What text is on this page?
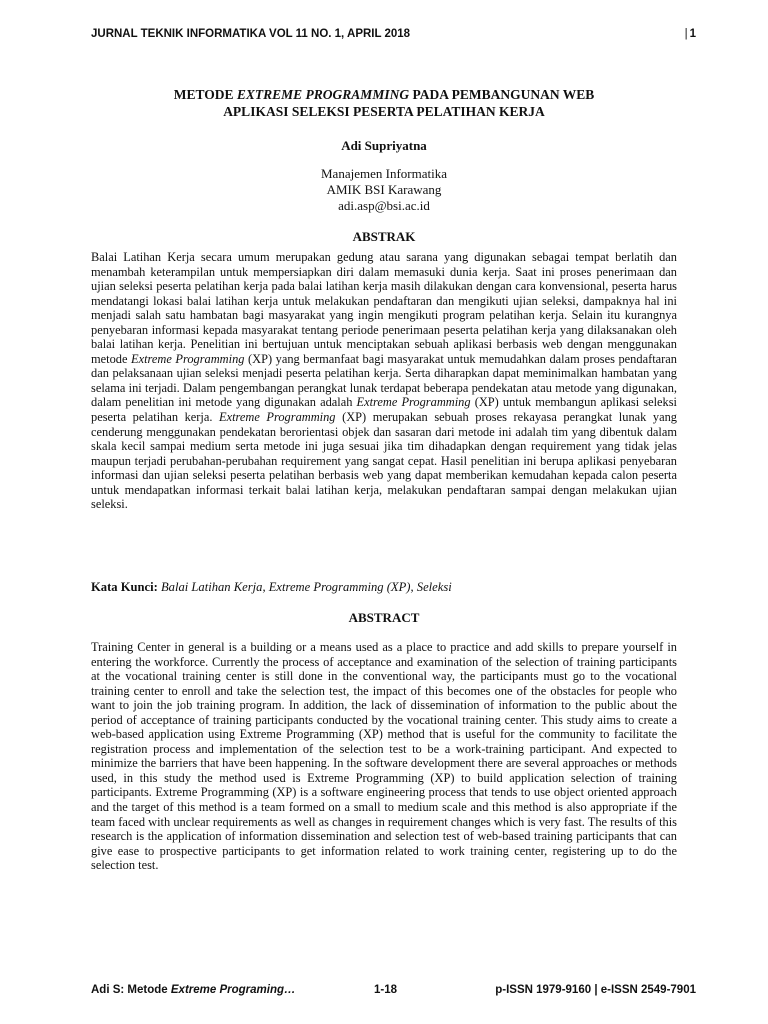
JURNAL TEKNIK INFORMATIKA VOL 11 NO. 1, APRIL 2018	| 1
METODE EXTREME PROGRAMMING PADA PEMBANGUNAN WEB
APLIKASI SELEKSI PESERTA PELATIHAN KERJA
Adi Supriyatna
Manajemen Informatika
AMIK BSI Karawang
adi.asp@bsi.ac.id
ABSTRAK

Balai Latihan Kerja secara umum merupakan gedung atau sarana yang digunakan sebagai tempat berlatih dan menambah keterampilan untuk mempersiapkan diri dalam memasuki dunia kerja. Saat ini proses penerimaan dan ujian seleksi peserta pelatihan kerja pada balai latihan kerja masih dilakukan dengan cara konvensional, peserta harus mendatangi lokasi balai latihan kerja untuk melakukan pendaftaran dan mengikuti ujian seleksi, dampaknya hal ini menjadi salah satu hambatan bagi masyarakat yang ingin mengikuti program pelatihan kerja. Selain itu kurangnya penyebaran informasi kepada masyarakat tentang periode penerimaan peserta pelatihan kerja yang dilaksanakan oleh balai latihan kerja. Penelitian ini bertujuan untuk menciptakan sebuah aplikasi berbasis web dengan menggunakan metode Extreme Programming (XP) yang bermanfaat bagi masyarakat untuk memudahkan dalam proses pendaftaran dan pelaksanaan ujian seleksi menjadi peserta pelatihan kerja. Serta diharapkan dapat meminimalkan hambatan yang selama ini terjadi. Dalam pengembangan perangkat lunak terdapat beberapa pendekatan atau metode yang digunakan, dalam penelitian ini metode yang digunakan adalah Extreme Programming (XP) untuk membangun aplikasi seleksi peserta pelatihan kerja. Extreme Programming (XP) merupakan sebuah proses rekayasa perangkat lunak yang cenderung menggunakan pendekatan berorientasi objek dan sasaran dari metode ini adalah tim yang dibentuk dalam skala kecil sampai medium serta metode ini juga sesuai jika tim dihadapkan dengan requirement yang tidak jelas maupun terjadi perubahan-perubahan requirement yang sangat cepat. Hasil penelitian ini berupa aplikasi penyebaran informasi dan ujian seleksi peserta pelatihan berbasis web yang dapat memberikan kemudahan kepada calon peserta untuk mendapatkan informasi terkait balai latihan kerja, melakukan pendaftaran sampai dengan melakukan ujian seleksi.

Kata Kunci: Balai Latihan Kerja, Extreme Programming (XP), Seleksi
ABSTRACT

Training Center in general is a building or a means used as a place to practice and add skills to prepare yourself in entering the workforce. Currently the process of acceptance and examination of the selection of training participants at the vocational training center is still done in the conventional way, the participants must go to the vocational training center to enroll and take the selection test, the impact of this becomes one of the obstacles for people who want to join the job training program. In addition, the lack of dissemination of information to the public about the period of acceptance of training participants conducted by the vocational training center. This study aims to create a web-based application using Extreme Programming (XP) method that is useful for the community to facilitate the registration process and implementation of the selection test to be a work-training participant. And expected to minimize the barriers that have been happening. In the software development there are several approaches or methods used, in this study the method used is Extreme Programming (XP) to build application selection of training participants. Extreme Programming (XP) is a software engineering process that tends to use object oriented approach and the target of this method is a team formed on a small to medium scale and this method is also appropriate if the team faced with unclear requirements as well as changes in requirement changes which is very fast. The results of this research is the application of information dissemination and selection test of web-based training participants that can give ease to prospective participants to get information related to work training center, registering up to do the selection test.

Adi S: Metode Extreme Programing…	1-18	p-ISSN 1979-9160 | e-ISSN 2549-7901
